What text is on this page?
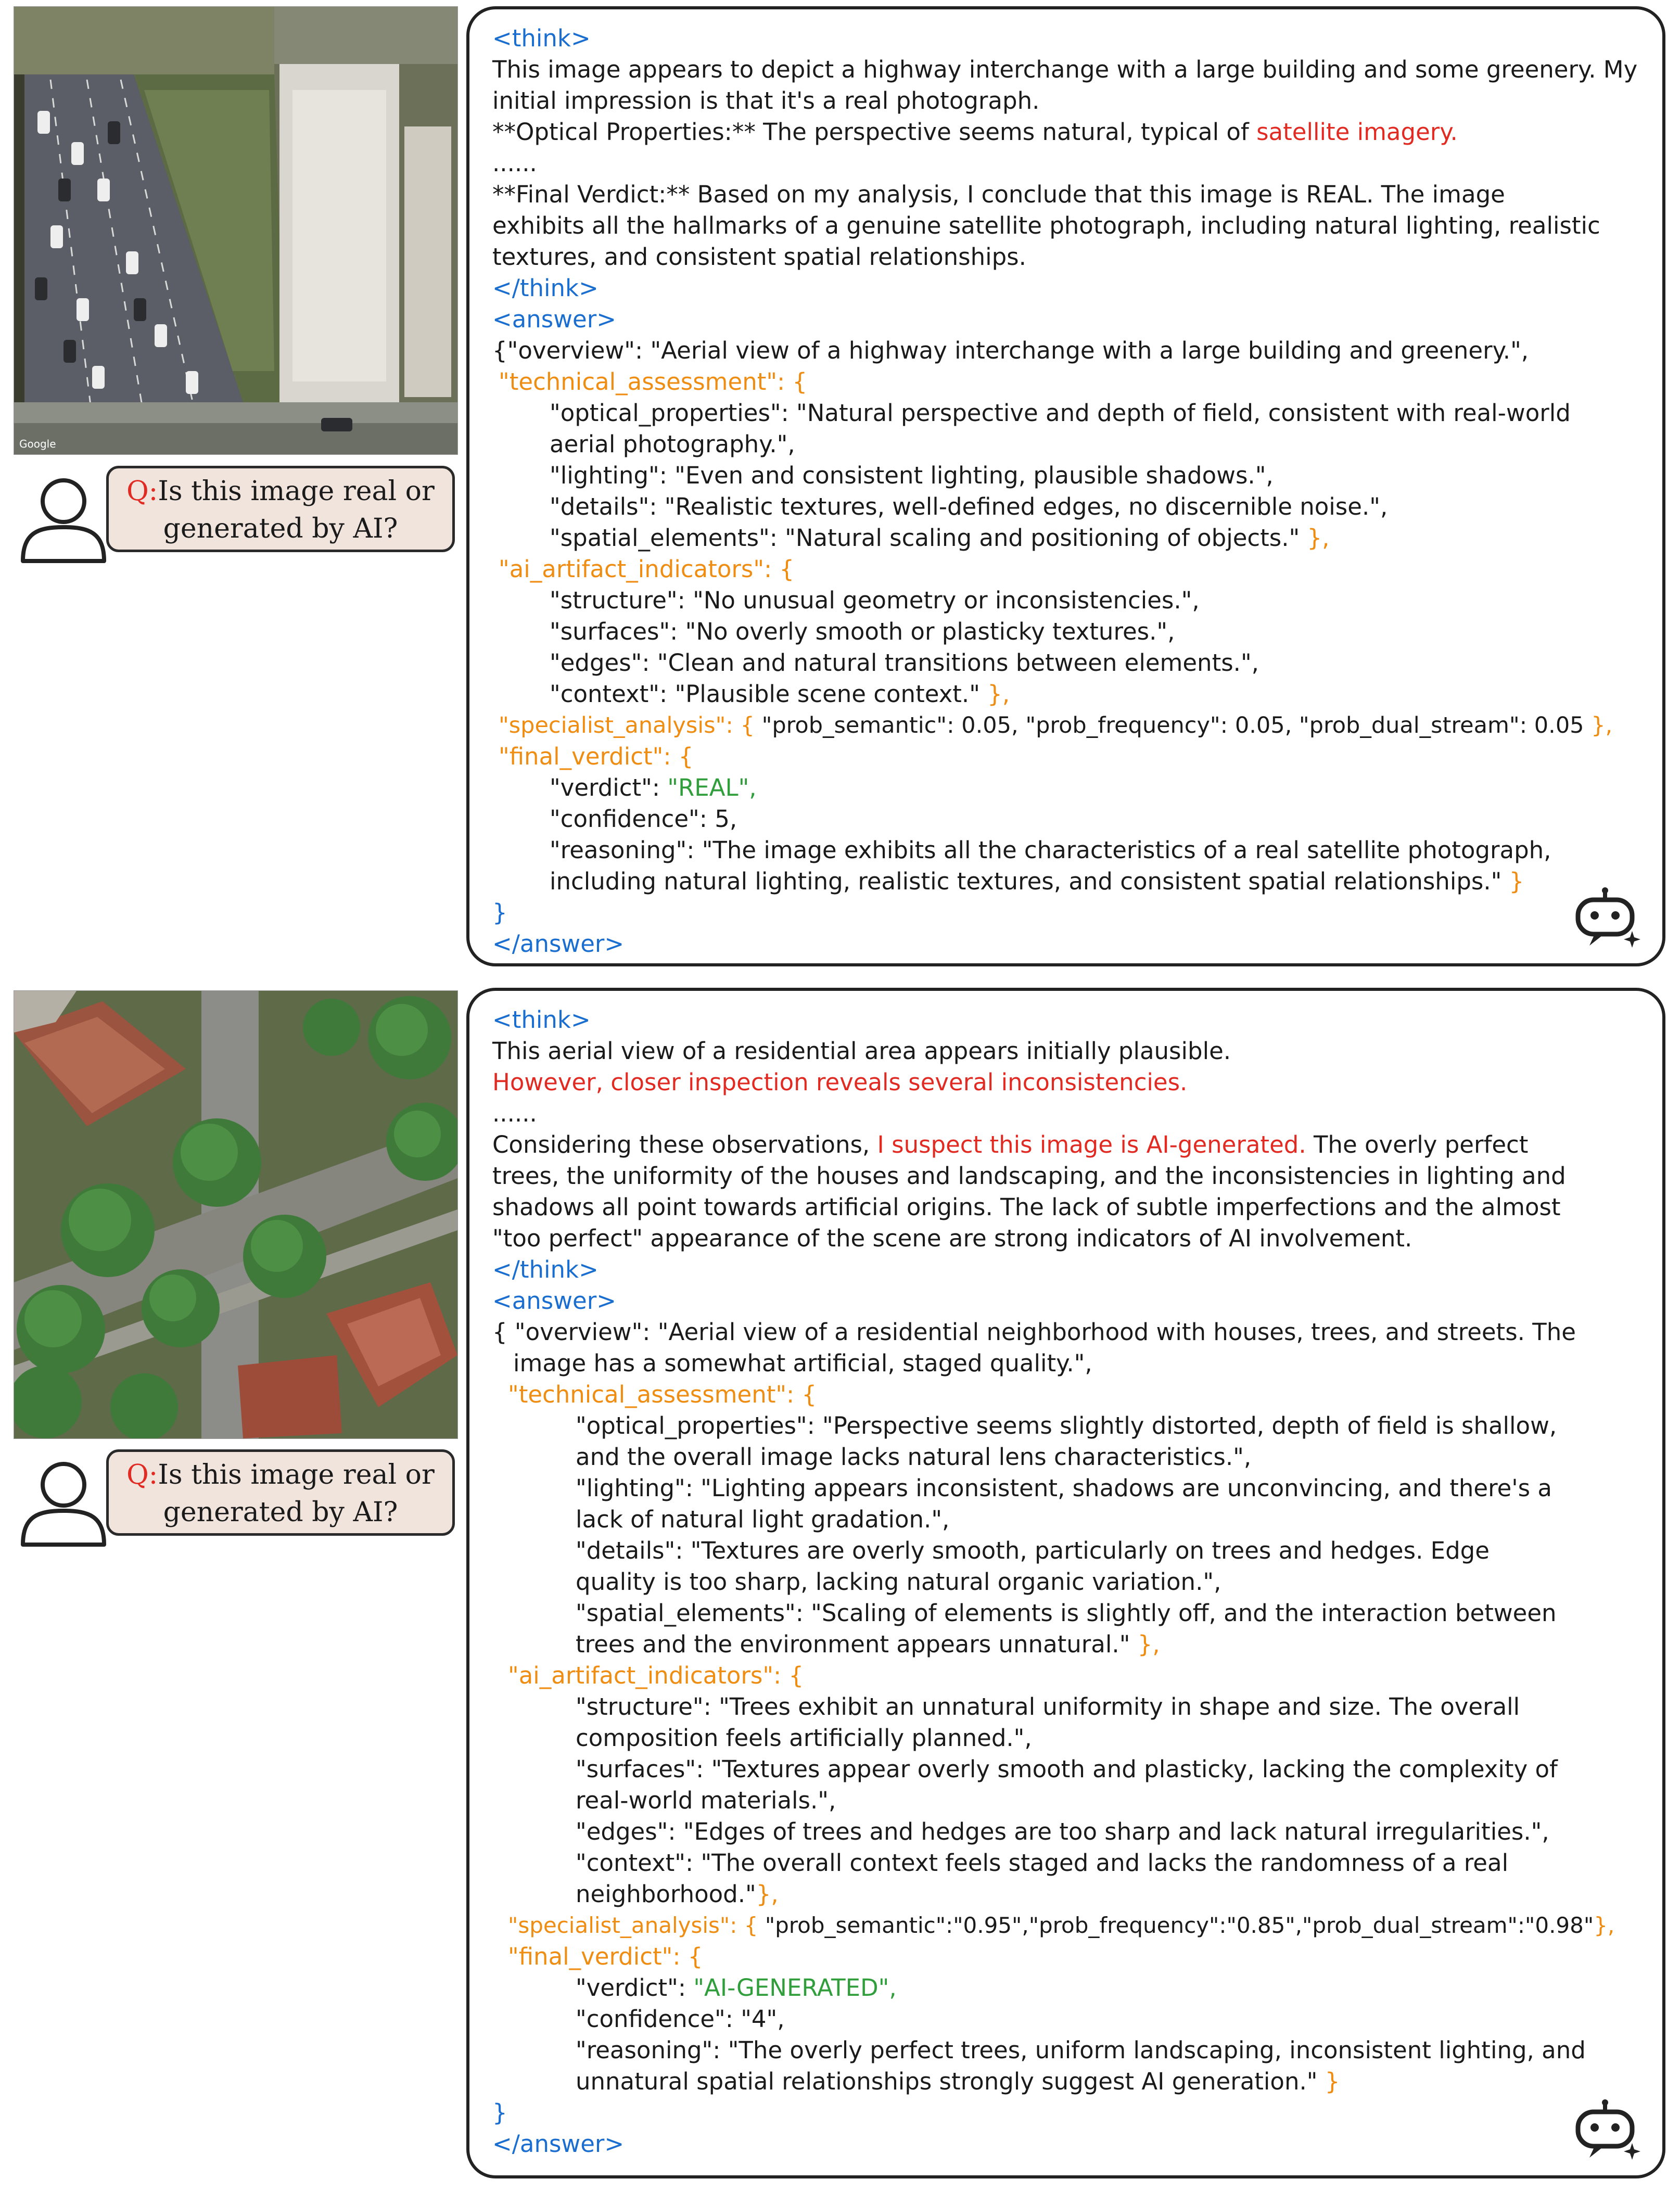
Google
Q:Is this image real or
generated by AI?
<think>
This image appears to depict a highway interchange with a large building and some greenery. My
initial impression is that it's a real photograph.
**Optical Properties:** The perspective seems natural, typical of satellite imagery.
......
**Final Verdict:** Based on my analysis, I conclude that this image is REAL. The image
exhibits all the hallmarks of a genuine satellite photograph, including natural lighting, realistic
textures, and consistent spatial relationships.
</think>
<answer>
{"overview": "Aerial view of a highway interchange with a large building and greenery.",
"technical_assessment": {
"optical_properties": "Natural perspective and depth of field, consistent with real-world
aerial photography.",
"lighting": "Even and consistent lighting, plausible shadows.",
"details": "Realistic textures, well-defined edges, no discernible noise.",
"spatial_elements": "Natural scaling and positioning of objects." },
"ai_artifact_indicators": {
"structure": "No unusual geometry or inconsistencies.",
"surfaces": "No overly smooth or plasticky textures.",
"edges": "Clean and natural transitions between elements.",
"context": "Plausible scene context." },
"specialist_analysis": { "prob_semantic": 0.05, "prob_frequency": 0.05, "prob_dual_stream": 0.05 },
"final_verdict": {
"verdict": "REAL",
"confidence": 5,
"reasoning": "The image exhibits all the characteristics of a real satellite photograph,
including natural lighting, realistic textures, and consistent spatial relationships." }
}
</answer>
Q:Is this image real or
generated by AI?
<think>
This aerial view of a residential area appears initially plausible.
However, closer inspection reveals several inconsistencies.
......
Considering these observations, I suspect this image is AI-generated. The overly perfect
trees, the uniformity of the houses and landscaping, and the inconsistencies in lighting and
shadows all point towards artificial origins. The lack of subtle imperfections and the almost
"too perfect" appearance of the scene are strong indicators of AI involvement.
</think>
<answer>
{ "overview": "Aerial view of a residential neighborhood with houses, trees, and streets. The
image has a somewhat artificial, staged quality.",
"technical_assessment": {
"optical_properties": "Perspective seems slightly distorted, depth of field is shallow,
and the overall image lacks natural lens characteristics.",
"lighting": "Lighting appears inconsistent, shadows are unconvincing, and there's a
lack of natural light gradation.",
"details": "Textures are overly smooth, particularly on trees and hedges. Edge
quality is too sharp, lacking natural organic variation.",
"spatial_elements": "Scaling of elements is slightly off, and the interaction between
trees and the environment appears unnatural." },
"ai_artifact_indicators": {
"structure": "Trees exhibit an unnatural uniformity in shape and size. The overall
composition feels artificially planned.",
"surfaces": "Textures appear overly smooth and plasticky, lacking the complexity of
real-world materials.",
"edges": "Edges of trees and hedges are too sharp and lack natural irregularities.",
"context": "The overall context feels staged and lacks the randomness of a real
neighborhood."},
"specialist_analysis": { "prob_semantic":"0.95","prob_frequency":"0.85","prob_dual_stream":"0.98"},
"final_verdict": {
"verdict": "AI-GENERATED",
"confidence": "4",
"reasoning": "The overly perfect trees, uniform landscaping, inconsistent lighting, and
unnatural spatial relationships strongly suggest AI generation." }
}
</answer>
